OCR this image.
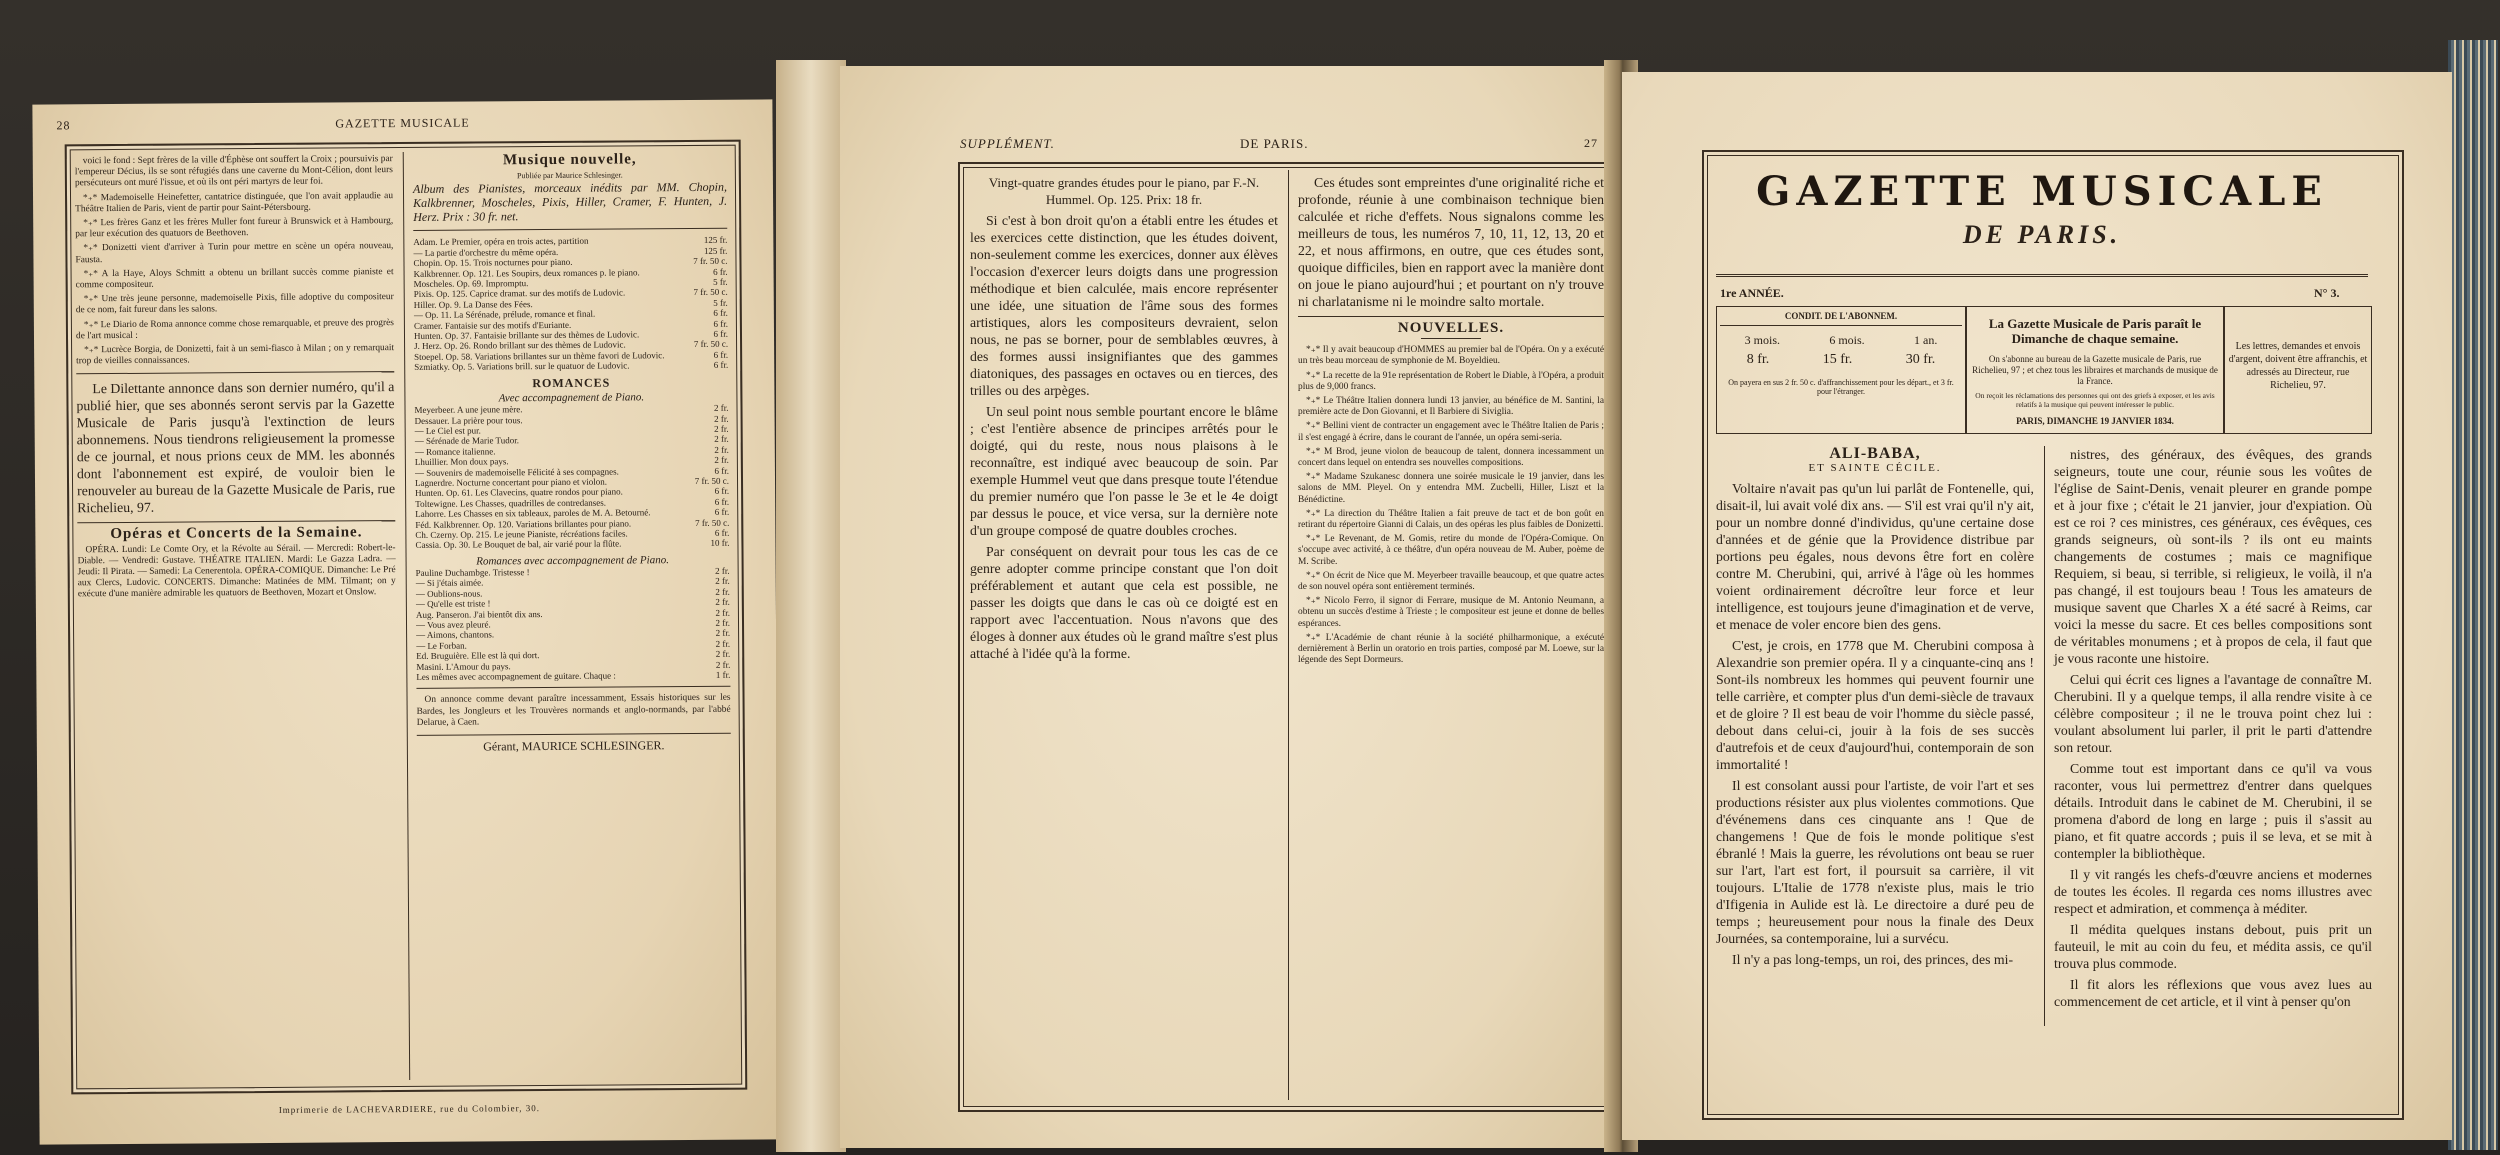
28	GAZETTE MUSICALE

voici le fond : Sept frères de la ville d'Éphèse ont souffert la Croix ; poursuivis par l'empereur Décius, ils se sont réfugiés dans une caverne du Mont-Célion, dont leurs persécuteurs ont muré l'issue, et où ils ont péri martyrs de leur foi.

*₊* Mademoiselle Heinefetter, cantatrice distinguée, que l'on avait applaudie au Théâtre Italien de Paris, vient de partir pour Saint-Pétersbourg.

*₊* Les frères Ganz et les frères Muller font fureur à Brunswick et à Hambourg, par leur exécution des quatuors de Beethoven.

*₊* Donizetti vient d'arriver à Turin pour mettre en scène un opéra nouveau, Fausta.

*₊* A la Haye, Aloys Schmitt a obtenu un brillant succès comme pianiste et comme compositeur.

*₊* Une très jeune personne, mademoiselle Pixis, fille adoptive du compositeur de ce nom, fait fureur dans les salons.

*₊* Le Diario de Roma annonce comme chose remarquable, et preuve des progrès de l'art musical :

*₊* Lucrèce Borgia, de Donizetti, fait à un semi-fiasco à Milan ; on y remarquait trop de vieilles connaissances.

Le Dilettante annonce dans son dernier numéro, qu'il a publié hier, que ses abonnés seront servis par la Gazette Musicale de Paris jusqu'à l'extinction de leurs abonnemens. Nous tiendrons religieusement la promesse de ce journal, et nous prions ceux de MM. les abonnés dont l'abonnement est expiré, de vouloir bien le renouveler au bureau de la Gazette Musicale de Paris, rue Richelieu, 97.

Opéras et Concerts de la Semaine.

OPÉRA. Lundi: Le Comte Ory, et la Révolte au Sérail. — Mercredi: Robert-le-Diable. — Vendredi: Gustave. THÉATRE ITALIEN. Mardi: Le Gazza Ladra. — Jeudi: Il Pirata. — Samedi: La Cenerentola. OPÉRA-COMIQUE. Dimanche: Le Pré aux Clercs, Ludovic. CONCERTS. Dimanche: Matinées de MM. Tilmant; on y exécute d'une manière admirable les quatuors de Beethoven, Mozart et Onslow.

Musique nouvelle,
Publiée par Maurice Schlesinger.

Album des Pianistes, morceaux inédits par MM. Chopin, Kalkbrenner, Moscheles, Pixis, Hiller, Cramer, F. Hunten, J. Herz. Prix : 30 fr. net.

Adam. Le Premier, opéra en trois actes, partition	125 fr.
— La partie d'orchestre du même opéra.	125 fr.
Chopin. Op. 15. Trois nocturnes pour piano.	7 fr. 50 c.
Kalkbrenner. Op. 121. Les Soupirs, deux romances p. le piano.	6 fr.
Moscheles. Op. 69. Impromptu.	5 fr.
Pixis. Op. 125. Caprice dramat. sur des motifs de Ludovic.	7 fr. 50 c.
Hiller. Op. 9. La Danse des Fées.	5 fr.
— Op. 11. La Sérénade, prélude, romance et final.	6 fr.
Cramer. Fantaisie sur des motifs d'Euriante.	6 fr.
Hunten. Op. 37. Fantaisie brillante sur des thèmes de Ludovic.	6 fr.
J. Herz. Op. 26. Rondo brillant sur des thèmes de Ludovic.	7 fr. 50 c.
Stoepel. Op. 58. Variations brillantes sur un thème favori de Ludovic.	6 fr.
Szmiatky. Op. 5. Variations brill. sur le quatuor de Ludovic.	6 fr.
ROMANCES
Avec accompagnement de Piano.
Meyerbeer. A une jeune mère.	2 fr.
Dessauer. La prière pour tous.	2 fr.
— Le Ciel est pur.	2 fr.
— Sérénade de Marie Tudor.	2 fr.
— Romance italienne.	2 fr.
Lhuillier. Mon doux pays.	2 fr.
— Souvenirs de mademoiselle Félicité à ses compagnes.	6 fr.
Lagnerdre. Nocturne concertant pour piano et violon.	7 fr. 50 c.
Hunten. Op. 61. Les Clavecins, quatre rondos pour piano.	6 fr.
Toltewigne. Les Chasses, quadrilles de contredanses.	6 fr.
Lahorre. Les Chasses en six tableaux, paroles de M. A. Betourné.	6 fr.
Féd. Kalkbrenner. Op. 120. Variations brillantes pour piano.	7 fr. 50 c.
Ch. Czerny. Op. 215. Le jeune Pianiste, récréations faciles.	6 fr.
Cassia. Op. 30. Le Bouquet de bal, air varié pour la flûte.	10 fr.
Romances avec accompagnement de Piano.
Pauline Duchambge. Tristesse !	2 fr.
— Si j'étais aimée.	2 fr.
— Oublions-nous.	2 fr.
— Qu'elle est triste !	2 fr.
Aug. Panseron. J'ai bientôt dix ans.	2 fr.
— Vous avez pleuré.	2 fr.
— Aimons, chantons.	2 fr.
— Le Forban.	2 fr.
Ed. Bruguière. Elle est là qui dort.	2 fr.
Masini. L'Amour du pays.	2 fr.
Les mêmes avec accompagnement de guitare. Chaque :	1 fr.

On annonce comme devant paraître incessamment, Essais historiques sur les Bardes, les Jongleurs et les Trouvères normands et anglo-normands, par l'abbé Delarue, à Caen.

Gérant, MAURICE SCHLESINGER.
Imprimerie de LACHEVARDIERE, rue du Colombier, 30.
SUPPLÉMENT.	DE PARIS.	27

Vingt-quatre grandes études pour le piano, par F.-N. Hummel. Op. 125. Prix: 18 fr.

Si c'est à bon droit qu'on a établi entre les études et les exercices cette distinction, que les études doivent, non-seulement comme les exercices, donner aux élèves l'occasion d'exercer leurs doigts dans une progression méthodique et bien calculée, mais encore représenter une idée, une situation de l'âme sous des formes artistiques, alors les compositeurs devraient, selon nous, ne pas se borner, pour de semblables œuvres, à des formes aussi insignifiantes que des gammes diatoniques, des passages en octaves ou en tierces, des trilles ou des arpèges.

Un seul point nous semble pourtant encore le blâme ; c'est l'entière absence de principes arrêtés pour le doigté, qui du reste, nous nous plaisons à le reconnaître, est indiqué avec beaucoup de soin. Par exemple Hummel veut que dans presque toute l'étendue du premier numéro que l'on passe le 3e et le 4e doigt par dessus le pouce, et vice versa, sur la dernière note d'un groupe composé de quatre doubles croches.

Par conséquent on devrait pour tous les cas de ce genre adopter comme principe constant que l'on doit préférablement et autant que cela est possible, ne passer les doigts que dans le cas où ce doigté est en rapport avec l'accentuation. Nous n'avons que des éloges à donner aux études où le grand maître s'est plus attaché à l'idée qu'à la forme.

Ces études sont empreintes d'une originalité riche et profonde, réunie à une combinaison technique bien calculée et riche d'effets. Nous signalons comme les meilleurs de tous, les numéros 7, 10, 11, 12, 13, 20 et 22, et nous affirmons, en outre, que ces études sont, quoique difficiles, bien en rapport avec la manière dont on joue le piano aujourd'hui ; et pourtant on n'y trouve ni charlatanisme ni le moindre salto mortale.

NOUVELLES.

*₊* Il y avait beaucoup d'HOMMES au premier bal de l'Opéra. On y a exécuté un très beau morceau de symphonie de M. Boyeldieu.

*₊* La recette de la 91e représentation de Robert le Diable, à l'Opéra, a produit plus de 9,000 francs.

*₊* Le Théâtre Italien donnera lundi 13 janvier, au bénéfice de M. Santini, la première acte de Don Giovanni, et Il Barbiere di Siviglia.

*₊* Bellini vient de contracter un engagement avec le Théâtre Italien de Paris ; il s'est engagé à écrire, dans le courant de l'année, un opéra semi-seria.

*₊* M Brod, jeune violon de beaucoup de talent, donnera incessamment un concert dans lequel on entendra ses nouvelles compositions.

*₊* Madame Szukanesc donnera une soirée musicale le 19 janvier, dans les salons de MM. Pleyel. On y entendra MM. Zucbelli, Hiller, Liszt et la Bénédictine.

*₊* La direction du Théâtre Italien a fait preuve de tact et de bon goût en retirant du répertoire Gianni di Calais, un des opéras les plus faibles de Donizetti.

*₊* Le Revenant, de M. Gomis, retire du monde de l'Opéra-Comique. On s'occupe avec activité, à ce théâtre, d'un opéra nouveau de M. Auber, poème de M. Scribe.

*₊* On écrit de Nice que M. Meyerbeer travaille beaucoup, et que quatre actes de son nouvel opéra sont entièrement terminés.

*₊* Nicolo Ferro, il signor di Ferrare, musique de M. Antonio Neumann, a obtenu un succès d'estime à Trieste ; le compositeur est jeune et donne de belles espérances.

*₊* L'Académie de chant réunie à la société philharmonique, a exécuté dernièrement à Berlin un oratorio en trois parties, composé par M. Loewe, sur la légende des Sept Dormeurs.

GAZETTE MUSICALE
DE PARIS.
1re ANNÉE.	N° 3.
CONDIT. DE L'ABONNEM.
3 mois.	6 mois.	1 an.
8 fr.	15 fr.	30 fr.
On payera en sus 2 fr. 50 c. d'affranchissement pour les départ., et 3 fr. pour l'étranger.
La Gazette Musicale de Paris paraît le Dimanche de chaque semaine.
On s'abonne au bureau de la Gazette musicale de Paris, rue Richelieu, 97 ; et chez tous les libraires et marchands de musique de la France.
On reçoit les réclamations des personnes qui ont des griefs à exposer, et les avis relatifs à la musique qui peuvent intéresser le public.
PARIS, DIMANCHE 19 JANVIER 1834.
Les lettres, demandes et envois d'argent, doivent être affranchis, et adressés au Directeur, rue Richelieu, 97.
ALI-BABA,
ET SAINTE CÉCILE.

Voltaire n'avait pas qu'un lui parlât de Fontenelle, qui, disait-il, lui avait volé dix ans. — S'il est vrai qu'il n'y ait, pour un nombre donné d'individus, qu'une certaine dose d'années et de génie que la Providence distribue par portions peu égales, nous devons être fort en colère contre M. Cherubini, qui, arrivé à l'âge où les hommes voient ordinairement décroître leur force et leur intelligence, est toujours jeune d'imagination et de verve, et menace de voler encore bien des gens.

C'est, je crois, en 1778 que M. Cherubini composa à Alexandrie son premier opéra. Il y a cinquante-cinq ans ! Sont-ils nombreux les hommes qui peuvent fournir une telle carrière, et compter plus d'un demi-siècle de travaux et de gloire ? Il est beau de voir l'homme du siècle passé, debout dans celui-ci, jouir à la fois de ses succès d'autrefois et de ceux d'aujourd'hui, contemporain de son immortalité !

Il est consolant aussi pour l'artiste, de voir l'art et ses productions résister aux plus violentes commotions. Que d'événemens dans ces cinquante ans ! Que de changemens ! Que de fois le monde politique s'est ébranlé ! Mais la guerre, les révolutions ont beau se ruer sur l'art, l'art est fort, il poursuit sa carrière, il vit toujours. L'Italie de 1778 n'existe plus, mais le trio d'Ifigenia in Aulide est là. Le directoire a duré peu de temps ; heureusement pour nous la finale des Deux Journées, sa contemporaine, lui a survécu.

Il n'y a pas long-temps, un roi, des princes, des mi-

nistres, des généraux, des évêques, des grands seigneurs, toute une cour, réunie sous les voûtes de l'église de Saint-Denis, venait pleurer en grande pompe et à jour fixe ; c'était le 21 janvier, jour d'expiation. Où est ce roi ? ces ministres, ces généraux, ces évêques, ces grands seigneurs, où sont-ils ? ils ont eu maints changements de costumes ; mais ce magnifique Requiem, si beau, si terrible, si religieux, le voilà, il n'a pas changé, il est toujours beau ! Tous les amateurs de musique savent que Charles X a été sacré à Reims, car voici la messe du sacre. Et ces belles compositions sont de véritables monumens ; et à propos de cela, il faut que je vous raconte une histoire.

Celui qui écrit ces lignes a l'avantage de connaître M. Cherubini. Il y a quelque temps, il alla rendre visite à ce célèbre compositeur ; il ne le trouva point chez lui : voulant absolument lui parler, il prit le parti d'attendre son retour.

Comme tout est important dans ce qu'il va vous raconter, vous lui permettrez d'entrer dans quelques détails. Introduit dans le cabinet de M. Cherubini, il se promena d'abord de long en large ; puis il s'assit au piano, et fit quatre accords ; puis il se leva, et se mit à contempler la bibliothèque.

Il y vit rangés les chefs-d'œuvre anciens et modernes de toutes les écoles. Il regarda ces noms illustres avec respect et admiration, et commença à méditer.

Il médita quelques instans debout, puis prit un fauteuil, le mit au coin du feu, et médita assis, ce qu'il trouva plus commode.

Il fit alors les réflexions que vous avez lues au commencement de cet article, et il vint à penser qu'on
